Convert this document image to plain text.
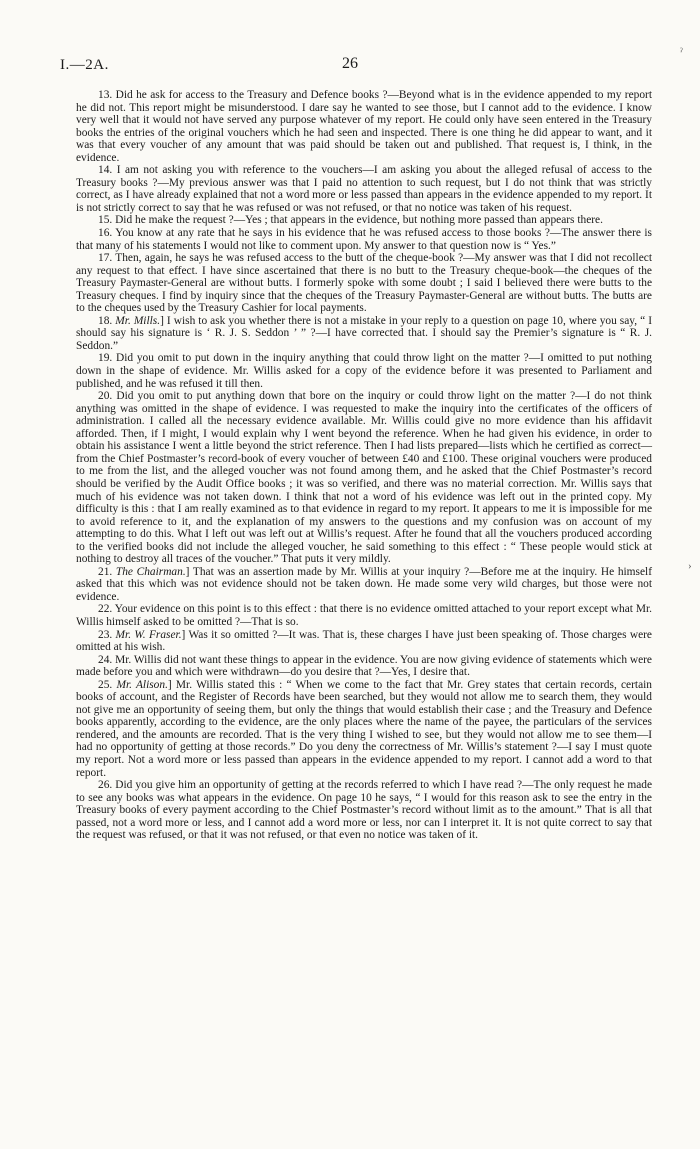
I.—2A.	26

13. Did he ask for access to the Treasury and Defence books ?—Beyond what is in the evidence appended to my report he did not. This report might be misunderstood. I dare say he wanted to see those, but I cannot add to the evidence. I know very well that it would not have served any purpose whatever of my report. He could only have seen entered in the Treasury books the entries of the original vouchers which he had seen and inspected. There is one thing he did appear to want, and it was that every voucher of any amount that was paid should be taken out and published. That request is, I think, in the evidence.

14. I am not asking you with reference to the vouchers—I am asking you about the alleged refusal of access to the Treasury books ?—My previous answer was that I paid no attention to such request, but I do not think that was strictly correct, as I have already explained that not a word more or less passed than appears in the evidence appended to my report. It is not strictly correct to say that he was refused or was not refused, or that no notice was taken of his request.

15. Did he make the request ?—Yes ; that appears in the evidence, but nothing more passed than appears there.

16. You know at any rate that he says in his evidence that he was refused access to those books ?—The answer there is that many of his statements I would not like to comment upon. My answer to that question now is “ Yes.”

17. Then, again, he says he was refused access to the butt of the cheque-book ?—My answer was that I did not recollect any request to that effect. I have since ascertained that there is no butt to the Treasury cheque-book—the cheques of the Treasury Paymaster-General are without butts. I formerly spoke with some doubt ; I said I believed there were butts to the Treasury cheques. I find by inquiry since that the cheques of the Treasury Paymaster-General are without butts. The butts are to the cheques used by the Treasury Cashier for local payments.

18. Mr. Mills.] I wish to ask you whether there is not a mistake in your reply to a question on page 10, where you say, “ I should say his signature is ‘ R. J. S. Seddon ’ ” ?—I have corrected that. I should say the Premier’s signature is “ R. J. Seddon.”

19. Did you omit to put down in the inquiry anything that could throw light on the matter ?—I omitted to put nothing down in the shape of evidence. Mr. Willis asked for a copy of the evidence before it was presented to Parliament and published, and he was refused it till then.

20. Did you omit to put anything down that bore on the inquiry or could throw light on the matter ?—I do not think anything was omitted in the shape of evidence. I was requested to make the inquiry into the certificates of the officers of administration. I called all the necessary evidence available. Mr. Willis could give no more evidence than his affidavit afforded. Then, if I might, I would explain why I went beyond the reference. When he had given his evidence, in order to obtain his assistance I went a little beyond the strict reference. Then I had lists prepared—lists which he certified as correct—from the Chief Postmaster’s record-book of every voucher of between £40 and £100. These original vouchers were produced to me from the list, and the alleged voucher was not found among them, and he asked that the Chief Postmaster’s record should be verified by the Audit Office books ; it was so verified, and there was no material correction. Mr. Willis says that much of his evidence was not taken down. I think that not a word of his evidence was left out in the printed copy. My difficulty is this : that I am really examined as to that evidence in regard to my report. It appears to me it is impossible for me to avoid reference to it, and the explanation of my answers to the questions and my confusion was on account of my attempting to do this. What I left out was left out at Willis’s request. After he found that all the vouchers produced according to the verified books did not include the alleged voucher, he said something to this effect : “ These people would stick at nothing to destroy all traces of the voucher.” That puts it very mildly.

21. The Chairman.] That was an assertion made by Mr. Willis at your inquiry ?—Before me at the inquiry. He himself asked that this which was not evidence should not be taken down. He made some very wild charges, but those were not evidence.

22. Your evidence on this point is to this effect : that there is no evidence omitted attached to your report except what Mr. Willis himself asked to be omitted ?—That is so.

23. Mr. W. Fraser.] Was it so omitted ?—It was. That is, these charges I have just been speaking of. Those charges were omitted at his wish.

24. Mr. Willis did not want these things to appear in the evidence. You are now giving evidence of statements which were made before you and which were withdrawn—do you desire that ?—Yes, I desire that.

25. Mr. Alison.] Mr. Willis stated this : “ When we come to the fact that Mr. Grey states that certain records, certain books of account, and the Register of Records have been searched, but they would not allow me to search them, they would not give me an opportunity of seeing them, but only the things that would establish their case ; and the Treasury and Defence books apparently, according to the evidence, are the only places where the name of the payee, the particulars of the services rendered, and the amounts are recorded. That is the very thing I wished to see, but they would not allow me to see them—I had no opportunity of getting at those records.” Do you deny the correctness of Mr. Willis’s statement ?—I say I must quote my report. Not a word more or less passed than appears in the evidence appended to my report. I cannot add a word to that report.

26. Did you give him an opportunity of getting at the records referred to which I have read ?—The only request he made to see any books was what appears in the evidence. On page 10 he says, “ I would for this reason ask to see the entry in the Treasury books of every payment according to the Chief Postmaster’s record without limit as to the amount.” That is all that passed, not a word more or less, and I cannot add a word more or less, nor can I interpret it. It is not quite correct to say that the request was refused, or that it was not refused, or that even no notice was taken of it.

ˀ
›
